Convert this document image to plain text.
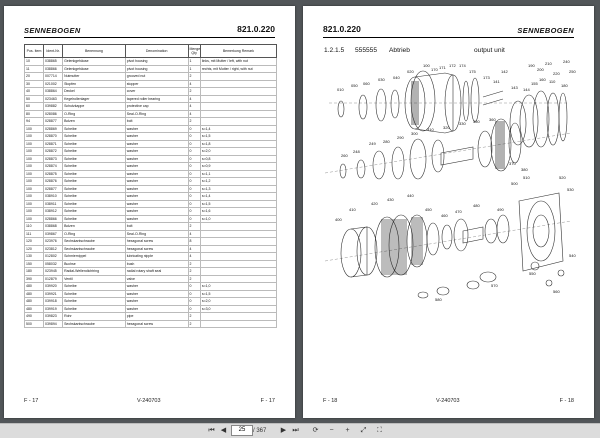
SENNEBOGEN	821.0.220
Pos. Item	Ident-Nr.	Benennung	Denomination	Menge Qty	Bemerkung Remark
10	038865	Gelenkgehäuse	pivot housing	1	links, mit Mutter / left, with nut
11	038866	Gelenkgehäuse	pivot housing	1	rechts, mit Mutter / right, with nut
20	007714	Nutmutter	grooved nut	2	
30	021002	Stopfen	stopper	4	
40	038864	Deckel	cover	2	
50	023463	Kegelrollenlager	tapered roller bearing	4	
60	039882	Schutzkappe	protective cap	4	
80	028086	O-Ring	Seal-O-Ring	4	
94	028877	Bolzen	bolt	2	
100	028869	Scheibe	washer	0	s=1,4
100	028870	Scheibe	washer	0	s=1,5
100	028871	Scheibe	washer	0	s=1,8
100	028872	Scheibe	washer	0	s=2,0
100	028873	Scheibe	washer	0	s=0,8
100	028874	Scheibe	washer	0	s=0,9
100	028875	Scheibe	washer	0	s=1,1
100	028876	Scheibe	washer	0	s=1,2
100	028877	Scheibe	washer	0	s=1,3
100	038910	Scheibe	washer	0	s=1,4
100	038911	Scheibe	washer	0	s=1,5
100	038912	Scheibe	washer	0	s=1,6
100	028866	Scheibe	washer	0	s=1,0
110	038868	Bolzen	bolt	2	
111	039867	O-Ring	Seal-O-Ring	4	
120	023976	Sechskantschraube	hexagonal screw	8	
120	023812	Sechskantschraube	hexagonal screw	4	
130	012802	Schmiernippel	lubricating nipple	4	
150	058032	Buchse	bush	2	
180	023945	Radial-Wellendichtring	radial rotary shaft seal	2	
390	012879	Ventil	valve	2	
480	039920	Scheibe	washer	0	s=1,0
480	039921	Scheibe	washer	0	s=1,5
480	039918	Scheibe	washer	0	s=2,0
480	039919	Scheibe	washer	0	s=3,0
490	039823	Rohr	pipe	2	
500	039894	Sechskantschraube	hexagonal screw	2	
F - 17	V-240703	F - 17
821.0.220	SENNEBOGEN
1.2.1.5 555555 Abtrieb	output unit
010
050 060
030 040
020
100
170 171 172 174
175
173
141
142
143 144
155
160 110
180
190
200
210
220
240
250
260
248
249 280
290
300
310 320
330 350 360
370
380
400
410
420
430
440
450
460
470
480
490
500
510	520
530
540
550
560
570
580
F - 18	V-240703	F - 18
⏮ ◀
25	/ 367 ▶ ⏭ ⟳	−	+	⤢ ⛶
